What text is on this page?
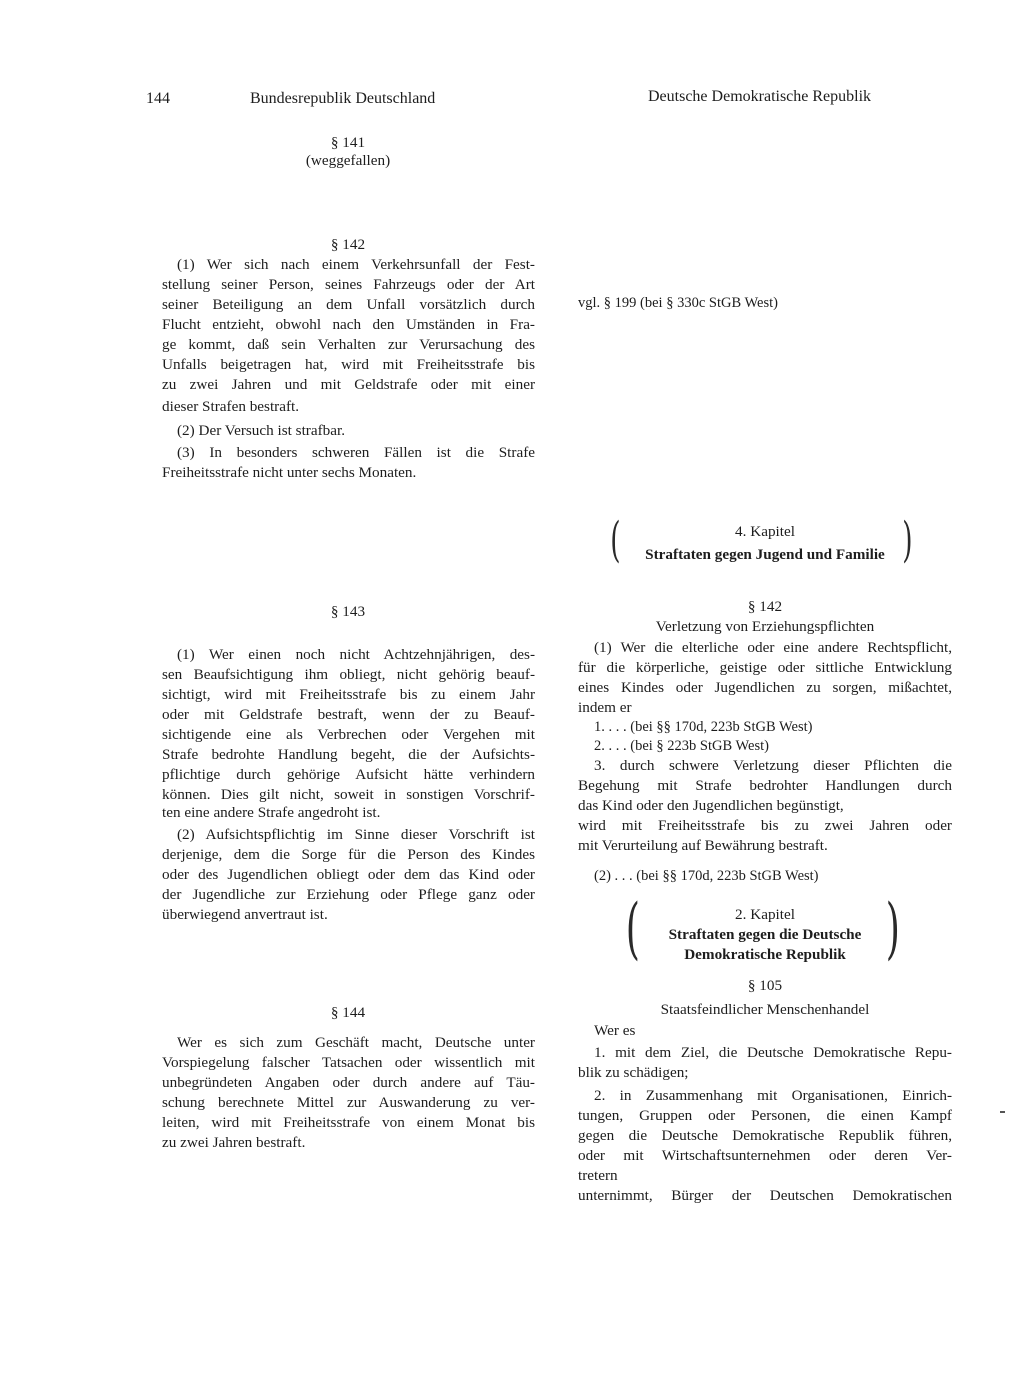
144	Bundesrepublik Deutschland	Deutsche Demokratische Republik
§ 141
(weggefallen)
§ 142
(1) Wer sich nach einem Verkehrsunfall der Fest-
stellung seiner Person, seines Fahrzeugs oder der Art
seiner Beteiligung an dem Unfall vorsätzlich durch
Flucht entzieht, obwohl nach den Umständen in Fra-
ge kommt, daß sein Verhalten zur Verursachung des
Unfalls beigetragen hat, wird mit Freiheitsstrafe bis
zu zwei Jahren und mit Geldstrafe oder mit einer
dieser Strafen bestraft.
(2) Der Versuch ist strafbar.
(3) In besonders schweren Fällen ist die Strafe
Freiheitsstrafe nicht unter sechs Monaten.
§ 143
(1) Wer einen noch nicht Achtzehnjährigen, des-
sen Beaufsichtigung ihm obliegt, nicht gehörig beauf-
sichtigt, wird mit Freiheitsstrafe bis zu einem Jahr
oder mit Geldstrafe bestraft, wenn der zu Beauf-
sichtigende eine als Verbrechen oder Vergehen mit
Strafe bedrohte Handlung begeht, die der Aufsichts-
pflichtige durch gehörige Aufsicht hätte verhindern
können. Dies gilt nicht, soweit in sonstigen Vorschrif-
ten eine andere Strafe angedroht ist.
(2) Aufsichtspflichtig im Sinne dieser Vorschrift ist
derjenige, dem die Sorge für die Person des Kindes
oder des Jugendlichen obliegt oder dem das Kind oder
der Jugendliche zur Erziehung oder Pflege ganz oder
überwiegend anvertraut ist.
§ 144
Wer es sich zum Geschäft macht, Deutsche unter
Vorspiegelung falscher Tatsachen oder wissentlich mit
unbegründeten Angaben oder durch andere auf Täu-
schung berechnete Mittel zur Auswanderung zu ver-
leiten, wird mit Freiheitsstrafe von einem Monat bis
zu zwei Jahren bestraft.
vgl. § 199 (bei § 330c StGB West)
(	4. Kapitel
Straftaten gegen Jugend und Familie )
§ 142
Verletzung von Erziehungspflichten
(1) Wer die elterliche oder eine andere Rechtspflicht,
für die körperliche, geistige oder sittliche Entwicklung
eines Kindes oder Jugendlichen zu sorgen, mißachtet,
indem er
1. . . . (bei §§ 170d, 223b StGB West)
2. . . . (bei § 223b StGB West)
3. durch schwere Verletzung dieser Pflichten die
Begehung mit Strafe bedrohter Handlungen durch
das Kind oder den Jugendlichen begünstigt,
wird mit Freiheitsstrafe bis zu zwei Jahren oder
mit Verurteilung auf Bewährung bestraft.
(2) . . . (bei §§ 170d, 223b StGB West)
(	2. Kapitel
Straftaten gegen die Deutsche
Demokratische Republik )
§ 105
Staatsfeindlicher Menschenhandel
Wer es
1. mit dem Ziel, die Deutsche Demokratische Repu-
blik zu schädigen;
2. in Zusammenhang mit Organisationen, Einrich-
tungen, Gruppen oder Personen, die einen Kampf
gegen die Deutsche Demokratische Republik führen,
oder mit Wirtschaftsunternehmen oder deren Ver-
tretern
unternimmt, Bürger der Deutschen Demokratischen
